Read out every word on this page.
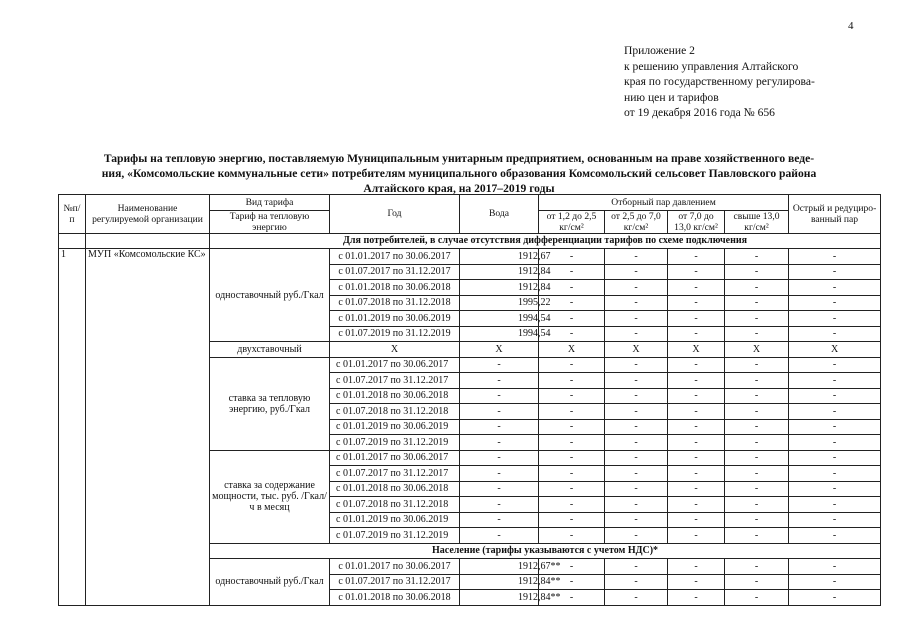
4
Приложение 2
к решению управления Алтайского
края по государственному регулирова-
нию цен и тарифов
от 19 декабря 2016 года № 656
Тарифы на тепловую энергию, поставляемую Муниципальным унитарным предприятием, основанным на праве хозяйственного веде-
ния, «Комсомольские коммунальные сети» потребителям муниципального образования Комсомольский сельсовет Павловского района
Алтайского края, на 2017–2019 годы
№п/п	Наименование регулируемой организации	Вид тарифа	Год	Вода	Отборный пар давлением				Острый и редуциро-ванный пар
		Тариф на тепловую энергию			от 1,2 до 2,5 кг/см²	от 2,5 до 7,0 кг/см²	от 7,0 до 13,0 кг/см²	свыше 13,0 кг/см²	
		Для потребителей, в случае отсутствия дифференциации тарифов по схеме подключения							
1	МУП «Комсомольские КС»	одноставочный руб./Гкал	с 01.01.2017 по 30.06.2017	1912,67	-	-	-	-	-
			с 01.07.2017 по 31.12.2017	1912,84	-	-	-	-	-
			с 01.01.2018 по 30.06.2018	1912,84	-	-	-	-	-
			с 01.07.2018 по 31.12.2018	1995,22	-	-	-	-	-
			с 01.01.2019 по 30.06.2019	1994,54	-	-	-	-	-
			с 01.07.2019 по 31.12.2019	1994,54	-	-	-	-	-
		двухставочный	X	X	X	X	X	X	X
		ставка за тепловую энергию, руб./Гкал	с 01.01.2017 по 30.06.2017	-	-	-	-	-	-
			с 01.07.2017 по 31.12.2017	-	-	-	-	-	-
			с 01.01.2018 по 30.06.2018	-	-	-	-	-	-
			с 01.07.2018 по 31.12.2018	-	-	-	-	-	-
			с 01.01.2019 по 30.06.2019	-	-	-	-	-	-
			с 01.07.2019 по 31.12.2019	-	-	-	-	-	-
		ставка за содержание мощности, тыс. руб. /Гкал/ч в месяц	с 01.01.2017 по 30.06.2017	-	-	-	-	-	-
			с 01.07.2017 по 31.12.2017	-	-	-	-	-	-
			с 01.01.2018 по 30.06.2018	-	-	-	-	-	-
			с 01.07.2018 по 31.12.2018	-	-	-	-	-	-
			с 01.01.2019 по 30.06.2019	-	-	-	-	-	-
			с 01.07.2019 по 31.12.2019	-	-	-	-	-	-
		Население (тарифы указываются с учетом НДС)*							
		одноставочный руб./Гкал	с 01.01.2017 по 30.06.2017	1912,67**	-	-	-	-	-
			с 01.07.2017 по 31.12.2017	1912,84**	-	-	-	-	-
			с 01.01.2018 по 30.06.2018	1912,84**	-	-	-	-	-
